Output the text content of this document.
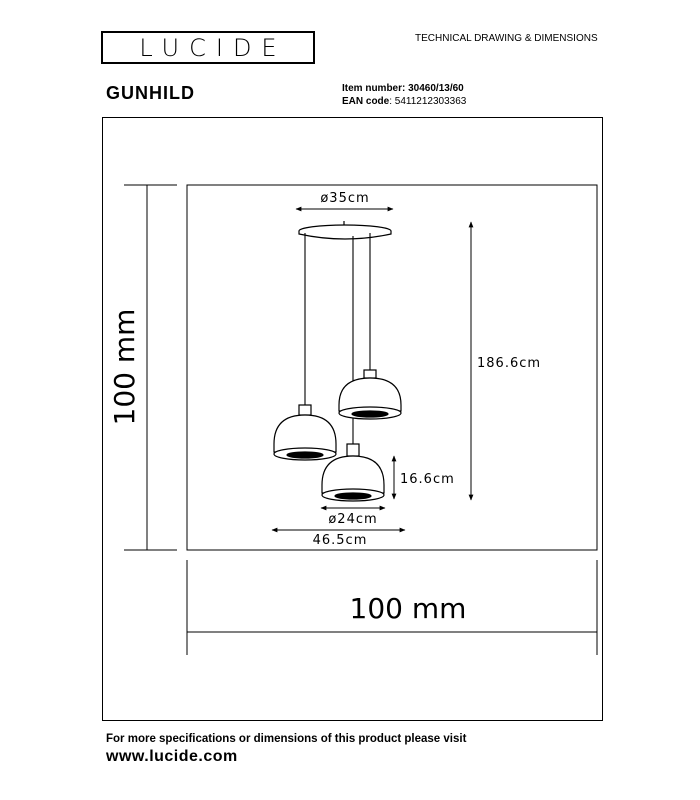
LUCIDE	TECHNICAL DRAWING & DIMENSIONS
GUNHILD	Item number: 30460/13/60
EAN code: 5411212303363
100 mm
100 mm
ø35cm
186.6cm
16.6cm
ø24cm
46.5cm
For more specifications or dimensions of this product please visit
www.lucide.com
